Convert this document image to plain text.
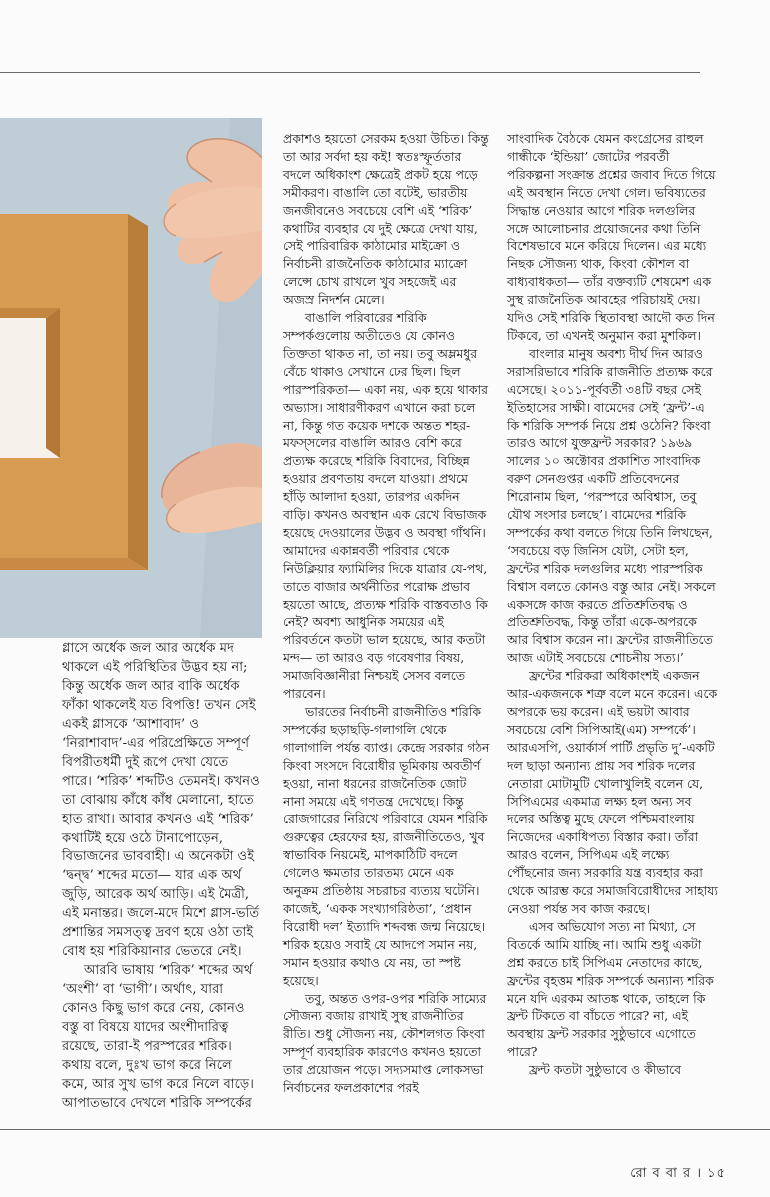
গ্লাসে অর্ধেক জল আর অর্ধেক মদ থাকলে এই পরিস্থিতির উদ্ভব হয় না; কিন্তু অর্ধেক জল আর বাকি অর্ধেক ফাঁকা থাকলেই যত বিপত্তি! তখন সেই একই গ্লাসকে ‘আশাবাদ’ ও ‘নিরাশাবাদ’-এর পরিপ্রেক্ষিতে সম্পূর্ণ বিপরীতধর্মী দুই রূপে দেখা যেতে পারে। ‘শরিক’ শব্দটিও তেমনই। কখনও তা বোঝায় কাঁধে কাঁধ মেলানো, হাতে হাত রাখা। আবার কখনও এই ‘শরিক’ কথাটিই হয়ে ওঠে টানাপোড়েন, বিভাজনের ভাববাহী। এ অনেকটা ওই ‘দ্বন্দ্ব’ শব্দের মতো— যার এক অর্থ জুড়ি, আরেক অর্থ আড়ি। এই মৈত্রী, এই মনান্তর। জলে-মদে মিশে গ্লাস-ভর্তি প্রশান্তির সমসত্ত্ব দ্রবণ হয়ে ওঠা তাই বোধ হয় শরিকিয়ানার ভেতরে নেই।

আরবি ভাষায় ‘শরিক’ শব্দের অর্থ ‘অংশী’ বা ‘ভাগী’। অর্থাৎ, যারা কোনও কিছু ভাগ করে নেয়, কোনও বস্তু বা বিষয়ে যাদের অংশীদারিত্ব রয়েছে, তারা-ই পরস্পরের শরিক। কথায় বলে, দুঃখ ভাগ করে নিলে কমে, আর সুখ ভাগ করে নিলে বাড়ে। আপাতভাবে দেখলে শরিকি সম্পর্কের

প্রকাশও হয়তো সেরকম হওয়া উচিত। কিন্তু তা আর সর্বদা হয় কই! স্বতঃস্ফূর্ততার বদলে অধিকাংশ ক্ষেত্রেই প্রকট হয়ে পড়ে সমীকরণ। বাঙালি তো বটেই, ভারতীয় জনজীবনেও সবচেয়ে বেশি এই ‘শরিক’ কথাটির ব্যবহার যে দুই ক্ষেত্রে দেখা যায়, সেই পারিবারিক কাঠামোর মাইক্রো ও নির্বাচনী রাজনৈতিক কাঠামোর ম্যাক্রো লেন্সে চোখ রাখলে খুব সহজেই এর অজস্র নিদর্শন মেলে।

বাঙালি পরিবারের শরিকি সম্পর্কগুলোয় অতীতেও যে কোনও তিক্ততা থাকত না, তা নয়। তবু অম্লমধুর বেঁচে থাকাও সেখানে ঢের ছিল। ছিল পারস্পরিকতা— একা নয়, এক হয়ে থাকার অভ্যাস। সাধারণীকরণ এখানে করা চলে না, কিন্তু গত কয়েক দশকে অন্তত শহর-মফস্সলের বাঙালি আরও বেশি করে প্রত্যক্ষ করেছে শরিকি বিবাদের, বিচ্ছিন্ন হওয়ার প্রবণতায় বদলে যাওয়া। প্রথমে হাঁড়ি আলাদা হওয়া, তারপর একদিন বাড়ি। কখনও অবস্থান এক রেখে বিভাজক হয়েছে দেওয়ালের উদ্ভব ও অবস্থা গাঁথনি। আমাদের একান্নবর্তী পরিবার থেকে নিউক্লিয়ার ফ্যামিলির দিকে যাত্রার যে-পথ, তাতে বাজার অর্থনীতির পরোক্ষ প্রভাব হয়তো আছে, প্রত্যক্ষ শরিকি বাস্তবতাও কি নেই? অবশ্য আধুনিক সময়ের এই পরিবর্তনে কতটা ভাল হয়েছে, আর কতটা মন্দ— তা আরও বড় গবেষণার বিষয়, সমাজবিজ্ঞানীরা নিশ্চয়ই সেসব বলতে পারবেন।

ভারতের নির্বাচনী রাজনীতিও শরিকি সম্পর্কের ছড়াছড়ি-গলাগলি থেকে গালাগালি পর্যন্ত ব্যাপ্ত। কেন্দ্রে সরকার গঠন কিংবা সংসদে বিরোধীর ভূমিকায় অবতীর্ণ হওয়া, নানা ধরনের রাজনৈতিক জোট নানা সময়ে এই গণতন্ত্র দেখেছে। কিন্তু রোজগারের নিরিখে পরিবারে যেমন শরিকি গুরুত্বের হেরফের হয়, রাজনীতিতেও, খুব স্বাভাবিক নিয়মেই, মাপকাঠিটি বদলে গেলেও ক্ষমতার তারতম্য মেনে এক অনুক্রম প্রতিষ্ঠায় সচরাচর ব্যত্যয় ঘটেনি। কাজেই, ‘একক সংখ্যাগরিষ্ঠতা’, ‘প্রধান বিরোধী দল’ ইত্যাদি শব্দবন্ধ জন্ম নিয়েছে। শরিক হয়েও সবাই যে আদপে সমান নয়, সমান হওয়ার কথাও যে নয়, তা স্পষ্ট হয়েছে।

তবু, অন্তত ওপর-ওপর শরিকি সাম্যের সৌজন্য বজায় রাখাই সুস্থ রাজনীতির রীতি। শুধু সৌজন্য নয়, কৌশলগত কিংবা সম্পূর্ণ ব্যবহারিক কারণেও কখনও হয়তো তার প্রয়োজন পড়ে। সদ্যসমাপ্ত লোকসভা নির্বাচনের ফলপ্রকাশের পরই

সাংবাদিক বৈঠকে যেমন কংগ্রেসের রাহুল গান্ধীকে ‘ইন্ডিয়া’ জোটের পরবর্তী পরিকল্পনা সংক্রান্ত প্রশ্নের জবাব দিতে গিয়ে এই অবস্থান নিতে দেখা গেল। ভবিষ্যতের সিদ্ধান্ত নেওয়ার আগে শরিক দলগুলির সঙ্গে আলোচনার প্রয়োজনের কথা তিনি বিশেষভাবে মনে করিয়ে দিলেন। এর মধ্যে নিছক সৌজন্য থাক, কিংবা কৌশল বা বাধ্যবাধকতা— তাঁর বক্তব্যটি শেষমেশ এক সুস্থ রাজনৈতিক আবহের পরিচায়ই দেয়। যদিও সেই শরিকি স্থিতাবস্থা আদৌ কত দিন টিকবে, তা এখনই অনুমান করা মুশকিল।

বাংলার মানুষ অবশ্য দীর্ঘ দিন আরও সরাসরিভাবে শরিকি রাজনীতি প্রত্যক্ষ করে এসেছে। ২০১১-পূর্ববর্তী ৩৪টি বছর সেই ইতিহাসের সাক্ষী। বামেদের সেই ‘ফ্রন্ট’-এ কি শরিকি সম্পর্ক নিয়ে প্রশ্ন ওঠেনি? কিংবা তারও আগে যুক্তফ্রন্ট সরকার? ১৯৬৯ সালের ১০ অক্টোবর প্রকাশিত সাংবাদিক বরুণ সেনগুপ্তর একটি প্রতিবেদনের শিরোনাম ছিল, ‘পরস্পরে অবিশ্বাস, তবু যৌথ সংসার চলছে’। বামেদের শরিকি সম্পর্কের কথা বলতে গিয়ে তিনি লিখছেন, ‘সবচেয়ে বড় জিনিস যেটা, সেটা হল, ফ্রন্টের শরিক দলগুলির মধ্যে পারস্পরিক বিশ্বাস বলতে কোনও বস্তু আর নেই। সকলে একসঙ্গে কাজ করতে প্রতিশ্রুতিবদ্ধ ও প্রতিশ্রুতিবদ্ধ, কিন্তু তাঁরা একে-অপরকে আর বিশ্বাস করেন না। ফ্রন্টের রাজনীতিতে আজ এটাই সবচেয়ে শোচনীয় সত্য।’

ফ্রন্টের শরিকরা অধিকাংশই একজন আর-একজনকে শত্রু বলে মনে করেন। একে অপরকে ভয় করেন। এই ভয়টা আবার সবচেয়ে বেশি সিপিআই(এম) সম্পর্কে’। আরএসপি, ওয়ার্কার্স পার্টি প্রভৃতি দু’-একটি দল ছাড়া অন্যান্য প্রায় সব শরিক দলের নেতারা মোটামুটি খোলাখুলিই বলেন যে, সিপিএমের একমাত্র লক্ষ্য হল অন্য সব দলের অস্তিত্ব মুছে ফেলে পশ্চিমবাংলায় নিজেদের একাধিপত্য বিস্তার করা। তাঁরা আরও বলেন, সিপিএম এই লক্ষ্যে পৌঁছনোর জন্য সরকারি যন্ত্র ব্যবহার করা থেকে আরম্ভ করে সমাজবিরোধীদের সাহায্য নেওয়া পর্যন্ত সব কাজ করছে।

এসব অভিযোগ সত্য না মিথ্যা, সে বিতর্কে আমি যাচ্ছি না। আমি শুধু একটা প্রশ্ন করতে চাই সিপিএম নেতাদের কাছে, ফ্রন্টের বৃহত্তম শরিক সম্পর্কে অন্যান্য শরিক মনে যদি এরকম আতঙ্ক থাকে, তাহলে কি ফ্রন্ট টিকতে বা বাঁচতে পারে? না, এই অবস্থায় ফ্রন্ট সরকার সুষ্ঠুভাবে এগোতে পারে?

ফ্রন্ট কতটা সুষ্ঠুভাবে ও কীভাবে

রো ব বা র । ১৫
